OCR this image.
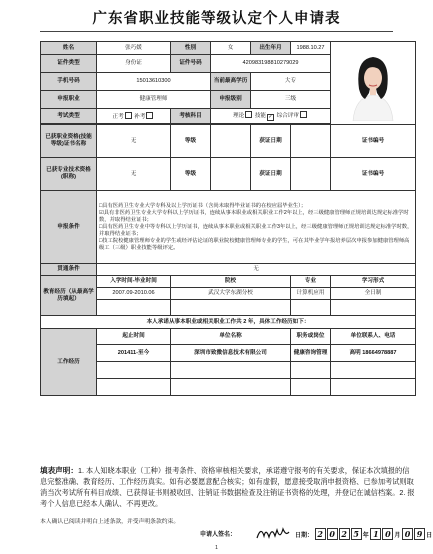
广东省职业技能等级认定个人申请表
姓名	张巧媛	性别	女	出生年月	1988.10.27	

证件类型	身份证	证件号码	420983198810279029			
手机号码	15013610300		当前最高学历	大专		
申报职业	健康管理师		申报级别	三级		
考试类型	正考 补考	考核科目	理论 技能 ✓ 综合评审			

已获职业资格(技能等级)证书名称	无	等级		获证日期		证书编号
已获专业技术资格(职称)	无	等级		获证日期		证书编号
申报条件	□具有医药卫生专业大学专科及以上学历证书（含尚未取得毕业证书的在校应届毕业生）；

☑具有非医药卫生专业大学专科以上学历证书，连续从事本职业或相关职业工作2年以上，经三级健康管理师正规培训达规定标准学时数，并取得结业证书；

□具有医药卫生专业中等专科以上学历证书，连续从事本职业或相关职业工作3年以上，经三级健康管理师正规培训达规定标准学时数，并取得结业证书；

□技工院校健康管理师专业的学生或经评估论证的职业院校健康管理师专业的学生，可在其毕业学年报培养层次申报参加健康管理师高级工（三级）职业技能等级评定。					

贯通条件	无					
教育经历（从最高学历填起）	入学时间-毕业时间	院校			专业	学习形式
	2007.09-2010.06	武汉大学东湖分校			计算机应用	全日制

本人承诺从事本职业或相关职业工作共 2 年，具体工作经历如下：						
工作经历	起止时间	单位名称			职务或岗位	单位联系人、电话
	201411-至今	深圳市致微信息技术有限公司			健康咨询管理	高明 18664978887

填表声明：1. 本人知晓本职业（工种）报考条件、资格审核相关要求，承诺遵守报考的有关要求，保证本次填报的信息完整准确、教育经历、工作经历真实。如有必要愿意配合核实；如有虚假，愿意接受取消申报资格、已参加考试则取消当次考试所有科目成绩、已获得证书则被收回、注销证书数据检查及注销证书资格的处理，并登记在诚信档案。2. 报考个人信息已经本人确认、不再更改。
本人确认已阅读并明白上述条款，并受声明条款约束。
申请人签名：	日期： 2 0 2 5 年 1 0 月 0 9 日
1
